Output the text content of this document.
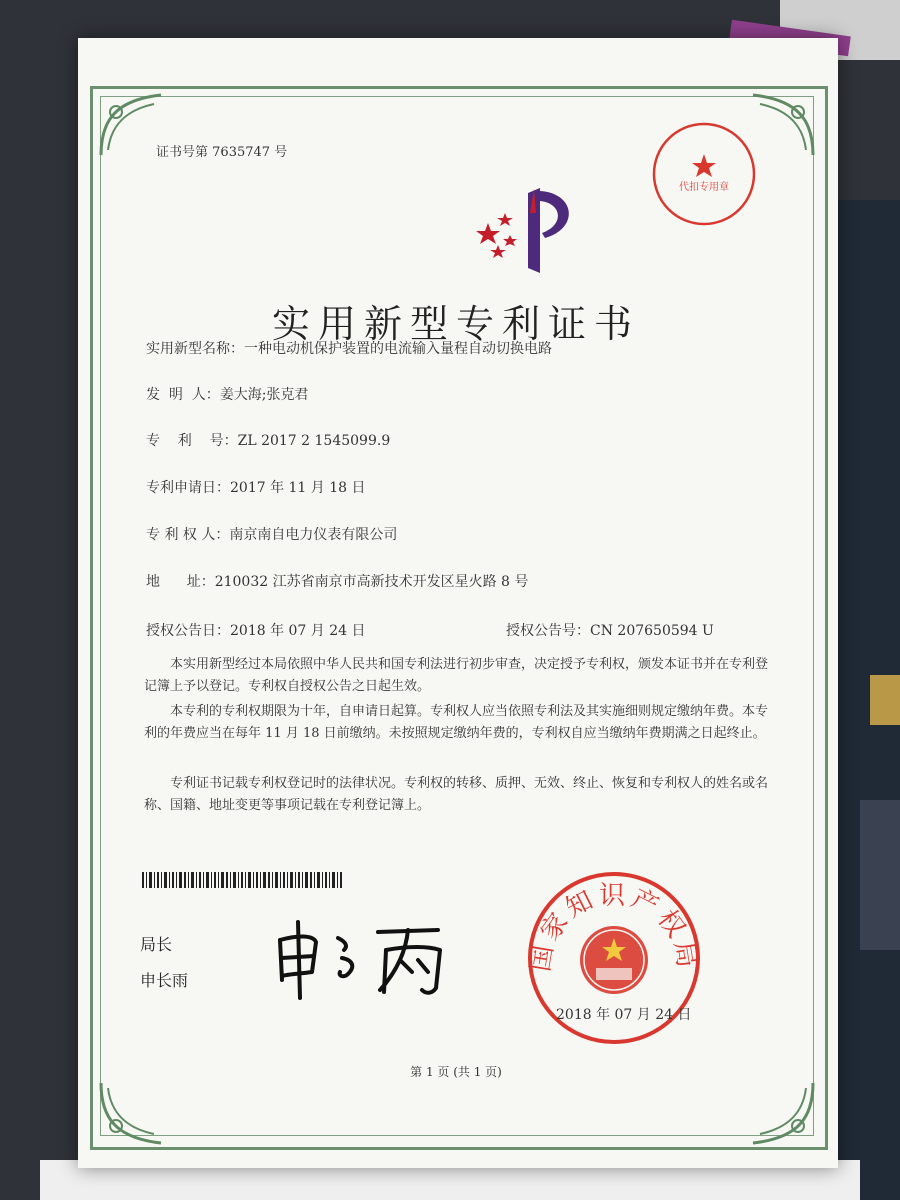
证书号第 7635747 号
代扣专用章
实用新型专利证书
实用新型名称：一种电动机保护装置的电流输入量程自动切换电路
发  明  人：姜大海;张克君
专    利    号：ZL 2017 2 1545099.9
专利申请日：2017 年 11 月 18 日
专 利 权 人：南京南自电力仪表有限公司
地      址：210032 江苏省南京市高新技术开发区星火路 8 号
授权公告日：2018 年 07 月 24 日	授权公告号：CN 207650594 U
本实用新型经过本局依照中华人民共和国专利法进行初步审查，决定授予专利权，颁发本证书并在专利登记簿上予以登记。专利权自授权公告之日起生效。
本专利的专利权期限为十年，自申请日起算。专利权人应当依照专利法及其实施细则规定缴纳年费。本专利的年费应当在每年 11 月 18 日前缴纳。未按照规定缴纳年费的，专利权自应当缴纳年费期满之日起终止。
专利证书记载专利权登记时的法律状况。专利权的转移、质押、无效、终止、恢复和专利权人的姓名或名称、国籍、地址变更等事项记载在专利登记簿上。
局长
申长雨
国家知识产权局
2018 年 07 月 24 日
第 1 页 (共 1 页)
